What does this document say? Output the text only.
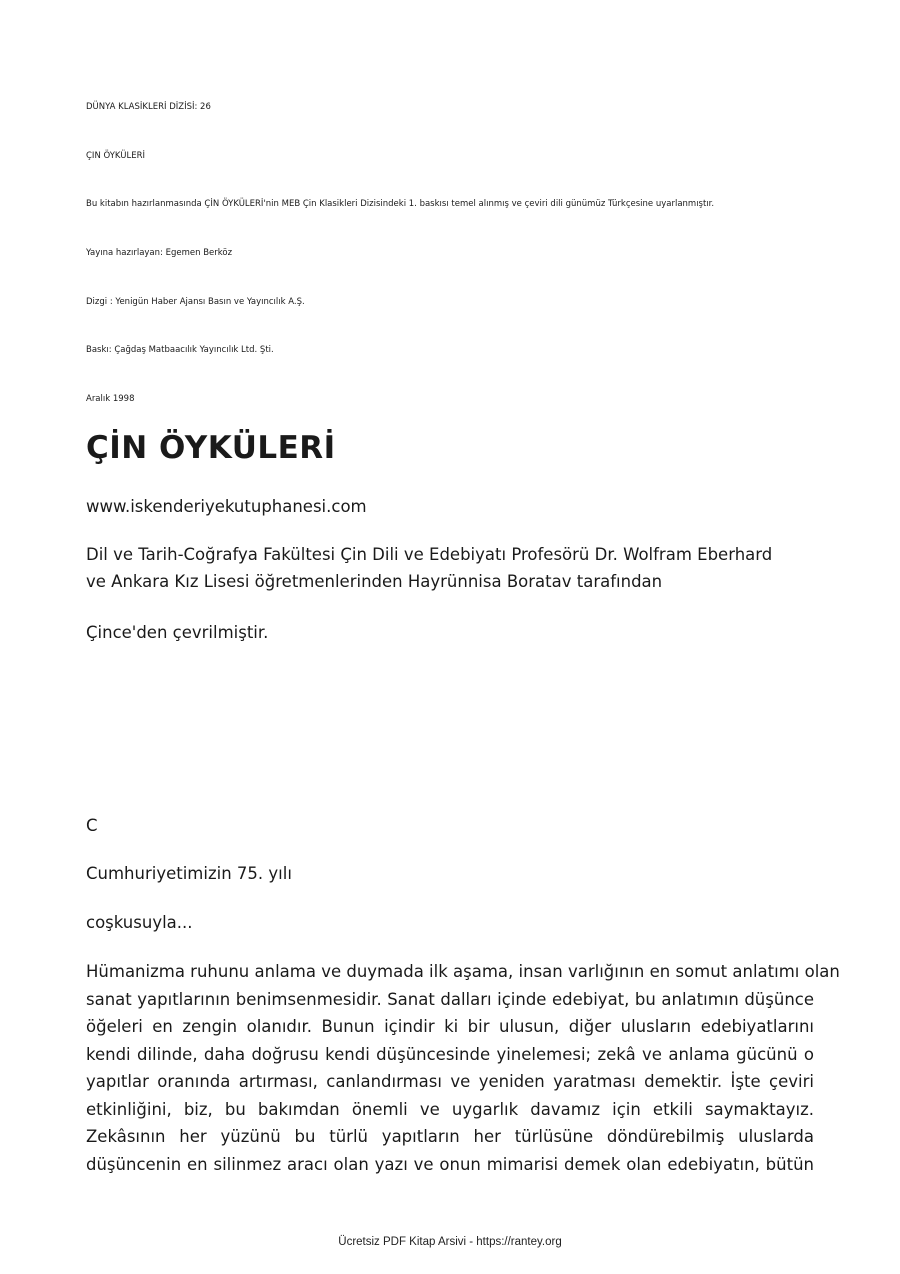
DÜNYA KLASİKLERİ DİZİSİ: 26
ÇIN ÖYKÜLERİ
Bu kitabın hazırlanmasında ÇİN ÖYKÜLERİ'nin MEB Çin Klasikleri Dizisindeki 1. baskısı temel alınmış ve çeviri dili günümüz Türkçesine uyarlanmıştır.
Yayına hazırlayan: Egemen Berköz
Dizgi : Yenigün Haber Ajansı Basın ve Yayıncılık A.Ş.
Baskı: Çağdaş Matbaacılık Yayıncılık Ltd. Şti.
Aralık 1998
ÇİN ÖYKÜLERİ
www.iskenderiyekutuphanesi.com
Dil ve Tarih-Coğrafya Fakültesi Çin Dili ve Edebiyatı Profesörü Dr. Wolfram Eberhard
ve Ankara Kız Lisesi öğretmenlerinden Hayrünnisa Boratav tarafından
Çince'den çevrilmiştir.
C
Cumhuriyetimizin 75. yılı
coşkusuyla...
Hümanizma ruhunu anlama ve duymada ilk aşama, insan varlığının en somut anlatımı olan
sanat yapıtlarının benimsenmesidir. Sanat dalları içinde edebiyat, bu anlatımın düşünce
öğeleri en zengin olanıdır. Bunun içindir ki bir ulusun, diğer ulusların edebiyatlarını
kendi dilinde, daha doğrusu kendi düşüncesinde yinelemesi; zekâ ve anlama gücünü o
yapıtlar oranında artırması, canlandırması ve yeniden yaratması demektir. İşte çeviri
etkinliğini, biz, bu bakımdan önemli ve uygarlık davamız için etkili saymaktayız.
Zekâsının her yüzünü bu türlü yapıtların her türlüsüne döndürebilmiş uluslarda
düşüncenin en silinmez aracı olan yazı ve onun mimarisi demek olan edebiyatın, bütün
Ücretsiz PDF Kitap Arsivi - https://rantey.org
